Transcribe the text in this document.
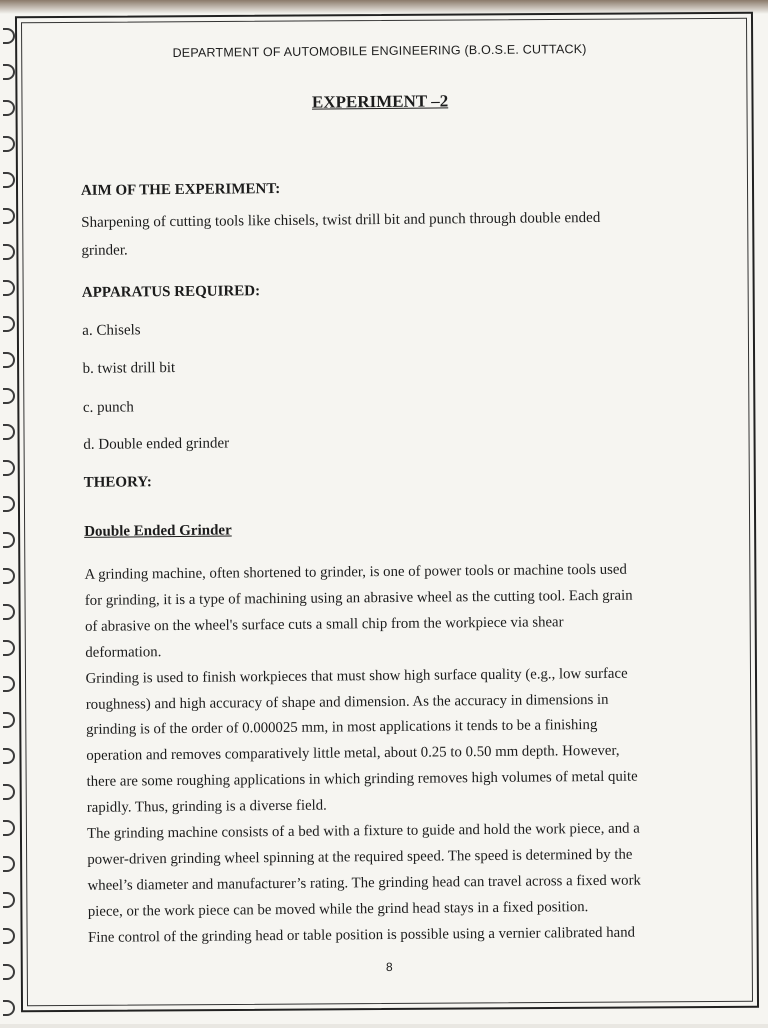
DEPARTMENT OF AUTOMOBILE ENGINEERING (B.O.S.E. CUTTACK)
EXPERIMENT –2
AIM OF THE EXPERIMENT:
Sharpening of cutting tools like chisels, twist drill bit and punch through double ended
grinder.
APPARATUS REQUIRED:
a. Chisels
b. twist drill bit
c. punch
d. Double ended grinder
THEORY:
Double Ended Grinder

A grinding machine, often shortened to grinder, is one of power tools or machine tools used

for grinding, it is a type of machining using an abrasive wheel as the cutting tool. Each grain

of abrasive on the wheel's surface cuts a small chip from the workpiece via shear

deformation.

Grinding is used to finish workpieces that must show high surface quality (e.g., low surface

roughness) and high accuracy of shape and dimension. As the accuracy in dimensions in

grinding is of the order of 0.000025 mm, in most applications it tends to be a finishing

operation and removes comparatively little metal, about 0.25 to 0.50 mm depth. However,

there are some roughing applications in which grinding removes high volumes of metal quite

rapidly. Thus, grinding is a diverse field.

The grinding machine consists of a bed with a fixture to guide and hold the work piece, and a

power-driven grinding wheel spinning at the required speed. The speed is determined by the

wheel’s diameter and manufacturer’s rating. The grinding head can travel across a fixed work

piece, or the work piece can be moved while the grind head stays in a fixed position.

Fine control of the grinding head or table position is possible using a vernier calibrated hand

8
